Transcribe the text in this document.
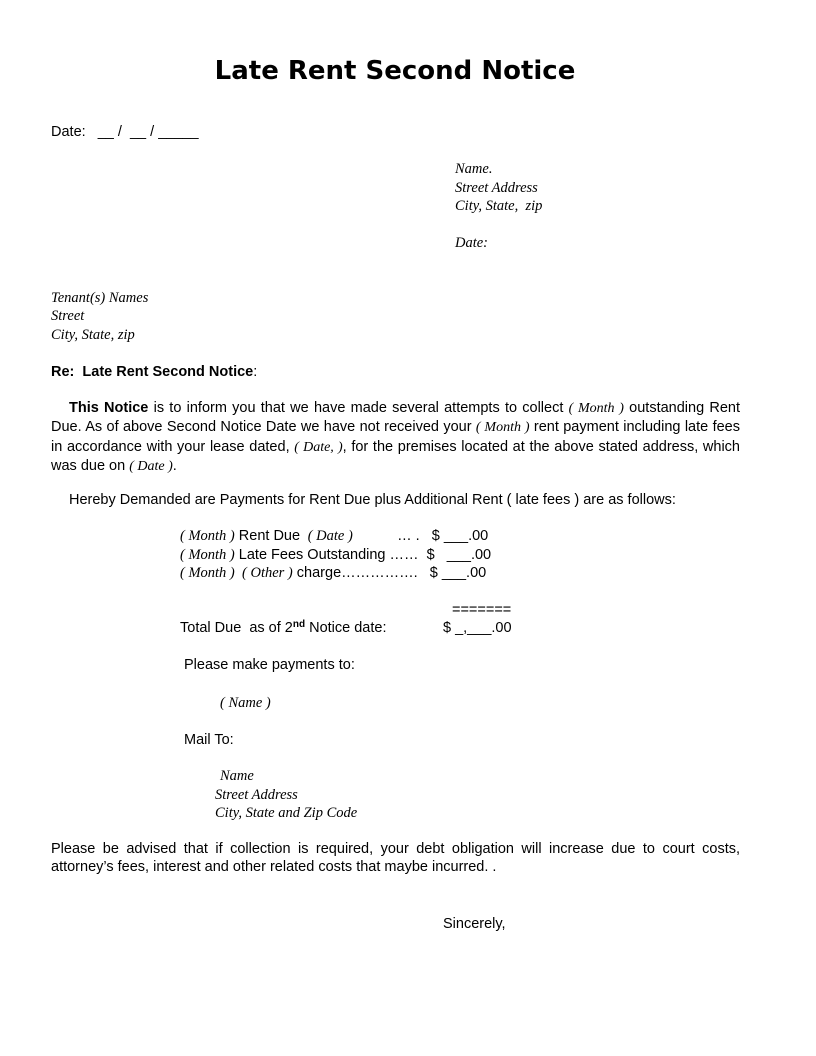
Late Rent Second Notice
Date:   __ /  __ / _____
Name.
Street Address
City, State,  zip
Date:
Tenant(s) Names
Street
City, State, zip
Re:  Late Rent Second Notice:
This Notice is to inform you that we have made several attempts to collect ( Month ) outstanding Rent Due. As of above Second Notice Date we have not received your ( Month ) rent payment including late fees in accordance with your lease dated, ( Date, ), for the premises located at the above stated address, which was due on ( Date ).
Hereby Demanded are Payments for Rent Due plus Additional Rent ( late fees ) are as follows:
( Month ) Rent Due  ( Date )           … .   $ ___.00
( Month ) Late Fees Outstanding ……  $   ___.00
( Month )  ( Other ) charge…………….   $ ___.00
=======
Total Due  as of 2nd Notice date:	$ _,___.00
Please make payments to:
( Name )
Mail To:
Name
Street Address
City, State and Zip Code
Please be advised that if collection is required, your debt obligation will increase due to court costs, attorney’s fees, interest and other related costs that maybe incurred. .
Sincerely,
